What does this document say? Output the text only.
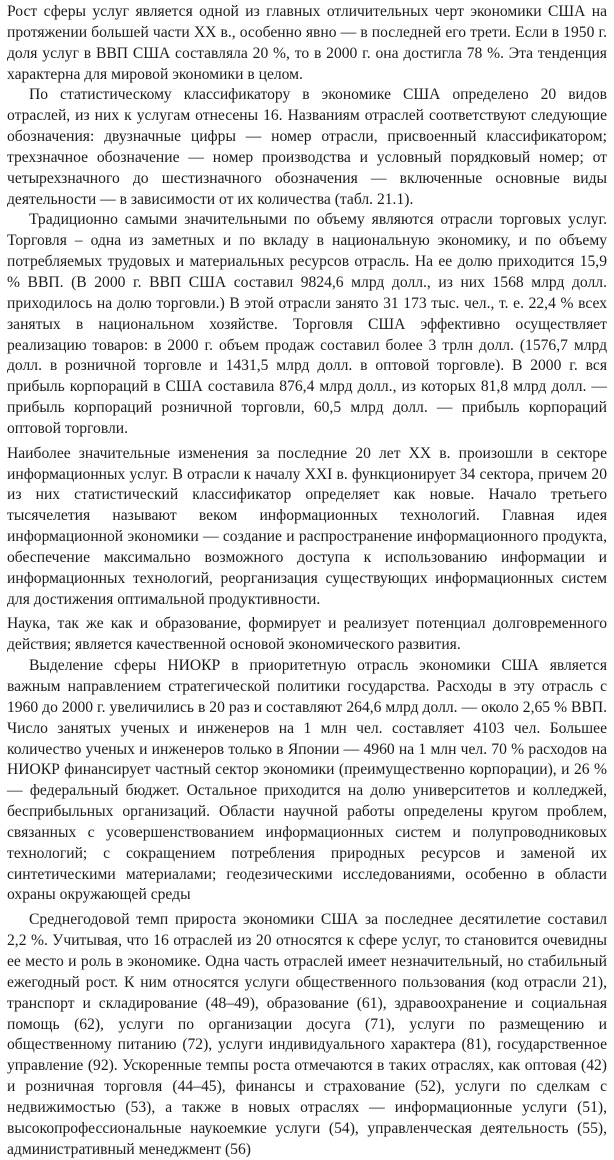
Рост сферы услуг является одной из главных отличительных черт экономики США на протяжении большей части XX в., особенно явно — в последней его трети. Если в 1950 г. доля услуг в ВВП США составляла 20 %, то в 2000 г. она достигла 78 %. Эта тенденция характерна для мировой экономики в целом.

По статистическому классификатору в экономике США определено 20 видов отраслей, из них к услугам отнесены 16. Названиям отраслей соответствуют следующие обозначения: двузначные цифры — номер отрасли, присвоенный классификатором; трехзначное обозначение — номер производства и условный порядковый номер; от четырехзначного до шестизначного обозначения — включенные основные виды деятельности — в зависимости от их количества (табл. 21.1).

Традиционно самыми значительными по объему являются отрасли торговых услуг. Торговля – одна из заметных и по вкладу в национальную экономику, и по объему потребляемых трудовых и материальных ресурсов отрасль. На ее долю приходится 15,9 % ВВП. (В 2000 г. ВВП США составил 9824,6 млрд долл., из них 1568 млрд долл. приходилось на долю торговли.) В этой отрасли занято 31 173 тыс. чел., т. е. 22,4 % всех занятых в национальном хозяйстве. Торговля США эффективно осуществляет реализацию товаров: в 2000 г. объем продаж составил более 3 трлн долл. (1576,7 млрд долл. в розничной торговле и 1431,5 млрд долл. в оптовой торговле). В 2000 г. вся прибыль корпораций в США составила 876,4 млрд долл., из которых 81,8 млрд долл. — прибыль корпораций розничной торговли, 60,5 млрд долл. — прибыль корпораций оптовой торговли.

Наиболее значительные изменения за последние 20 лет XX в. произошли в секторе информационных услуг. В отрасли к началу XXI в. функционирует 34 сектора, причем 20 из них статистический классификатор определяет как новые. Начало третьего тысячелетия называют веком информационных технологий. Главная идея информационной экономики — создание и распространение информационного продукта, обеспечение максимально возможного доступа к использованию информации и информационных технологий, реорганизация существующих информационных систем для достижения оптимальной продуктивности.

Наука, так же как и образование, формирует и реализует потенциал долговременного действия; является качественной основой экономического развития.

Выделение сферы НИОКР в приоритетную отрасль экономики США является важным направлением стратегической политики государства. Расходы в эту отрасль с 1960 до 2000 г. увеличились в 20 раз и составляют 264,6 млрд долл. — около 2,65 % ВВП. Число занятых ученых и инженеров на 1 млн чел. составляет 4103 чел. Большее количество ученых и инженеров только в Японии — 4960 на 1 млн чел. 70 % расходов на НИОКР финансирует частный сектор экономики (преимущественно корпорации), и 26 % — федеральный бюджет. Остальное приходится на долю университетов и колледжей, бесприбыльных организаций. Области научной работы определены кругом проблем, связанных с усовершенствованием информационных систем и полупроводниковых технологий; с сокращением потребления природных ресурсов и заменой их синтетическими материалами; геодезическими исследованиями, особенно в области охраны окружающей среды

Среднегодовой темп прироста экономики США за последнее десятилетие составил 2,2 %. Учитывая, что 16 отраслей из 20 относятся к сфере услуг, то становится очевидны ее место и роль в экономике. Одна часть отраслей имеет незначительный, но стабильный ежегодный рост. К ним относятся услуги общественного пользования (код отрасли 21), транспорт и складирование (48–49), образование (61), здравоохранение и социальная помощь (62), услуги по организации досуга (71), услуги по размещению и общественному питанию (72), услуги индивидуального характера (81), государственное управление (92). Ускоренные темпы роста отмечаются в таких отраслях, как оптовая (42) и розничная торговля (44–45), финансы и страхование (52), услуги по сделкам с недвижимостью (53), а также в новых отраслях — информационные услуги (51), высокопрофессиональные наукоемкие услуги (54), управленческая деятельность (55), административный менеджмент (56)
